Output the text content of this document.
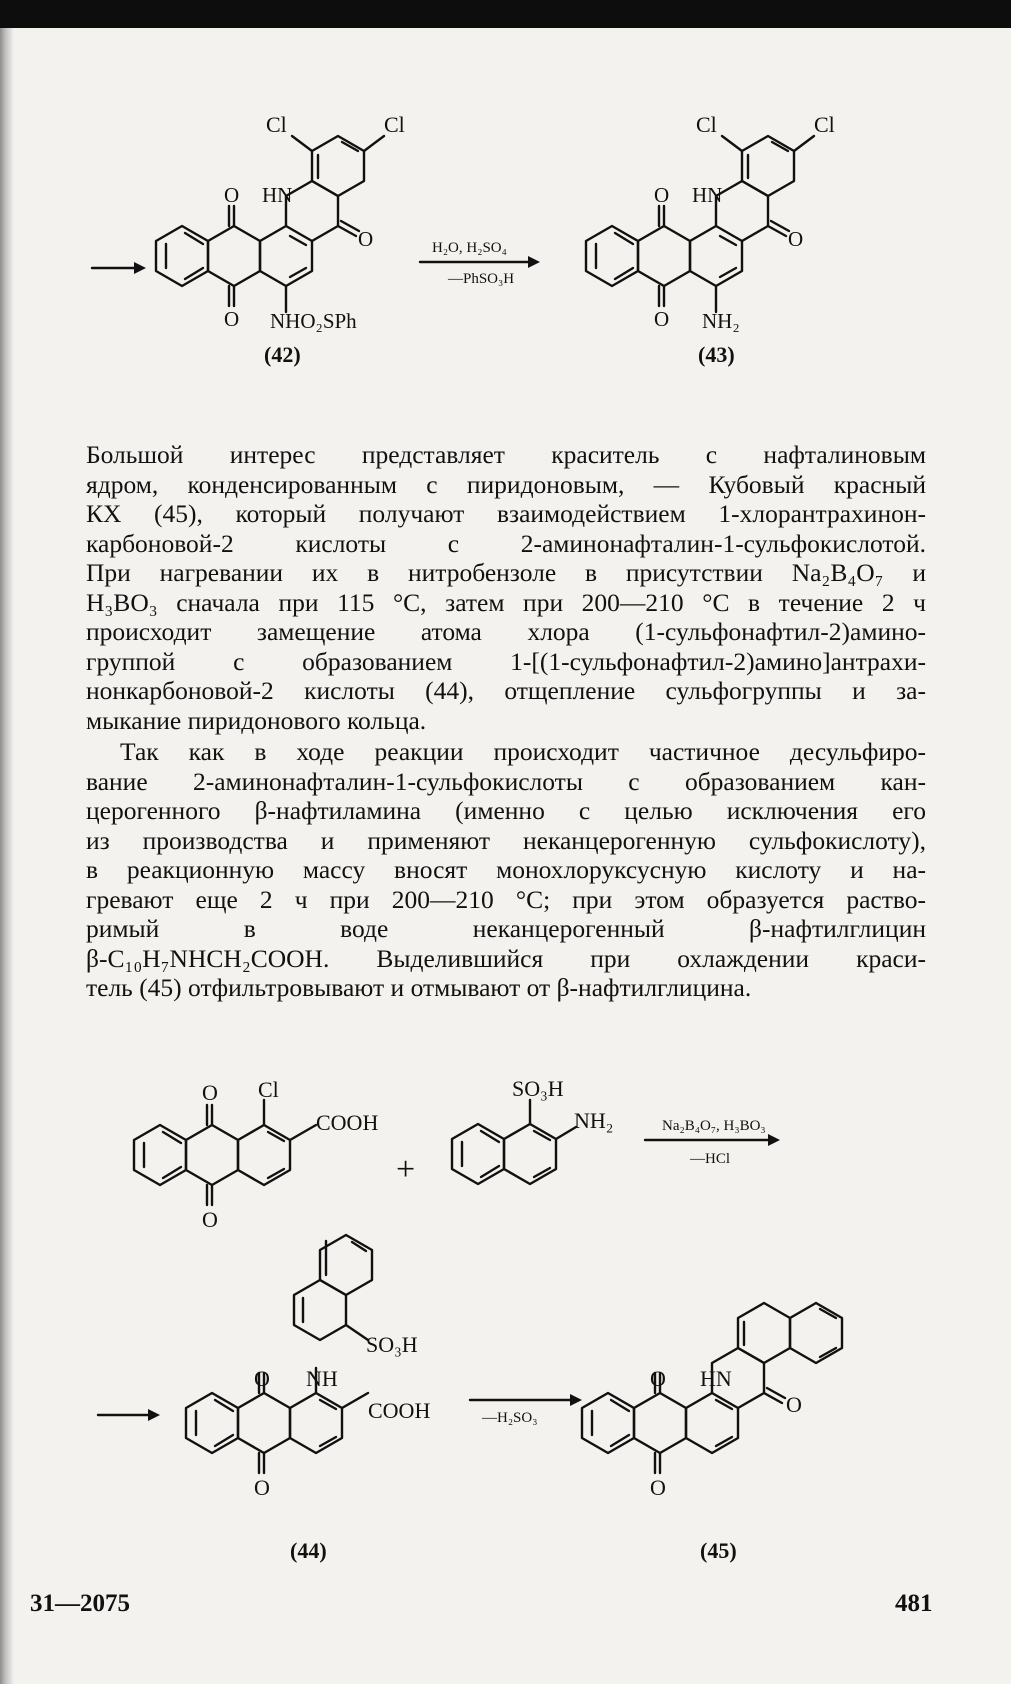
Cl	Cl
O HN
O
O NHO₂SPh
(42)
H₂O, H₂SO₄
—PhSO₃H
Cl	Cl
O HN
O
O NH₂
(43)
Большой интерес представляет краситель с нафталиновым
ядром, конденсированным с пиридоновым, — Кубовый красный
КХ (45), который получают взаимодействием 1-хлорантрахинон-
карбоновой-2 кислоты с 2-аминонафталин-1-сульфокислотой.
При нагревании их в нитробензоле в присутствии Na₂B₄O₇ и
H₃BO₃ сначала при 115 °С, затем при 200—210 °С в течение 2 ч
происходит замещение атома хлора (1-сульфонафтил-2)амино-
группой с образованием 1-[(1-сульфонафтил-2)амино]антрахи-
нонкарбоновой-2 кислоты (44), отщепление сульфогруппы и за-
мыкание пиридонового кольца.
Так как в ходе реакции происходит частичное десульфиро-
вание 2-аминонафталин-1-сульфокислоты с образованием кан-
церогенного β-нафтиламина (именно с целью исключения его
из производства и применяют неканцерогенную сульфокислоту),
в реакционную массу вносят монохлоруксусную кислоту и на-
гревают еще 2 ч при 200—210 °С; при этом образуется раство-
римый в воде неканцерогенный β-нафтилглицин
β-C₁₀H₇NHCH₂COOH. Выделившийся при охлаждении краси-
тель (45) отфильтровывают и отмывают от β-нафтилглицина.
O Cl
COOH
O
+
SO₃H
NH₂	Na₂B₄O₇, H₃BO₃
—HCl
SO₃H
NH
O
COOH
O
(44)
—H₂SO₃
O HN
O
O
(45)
31—2075	481
